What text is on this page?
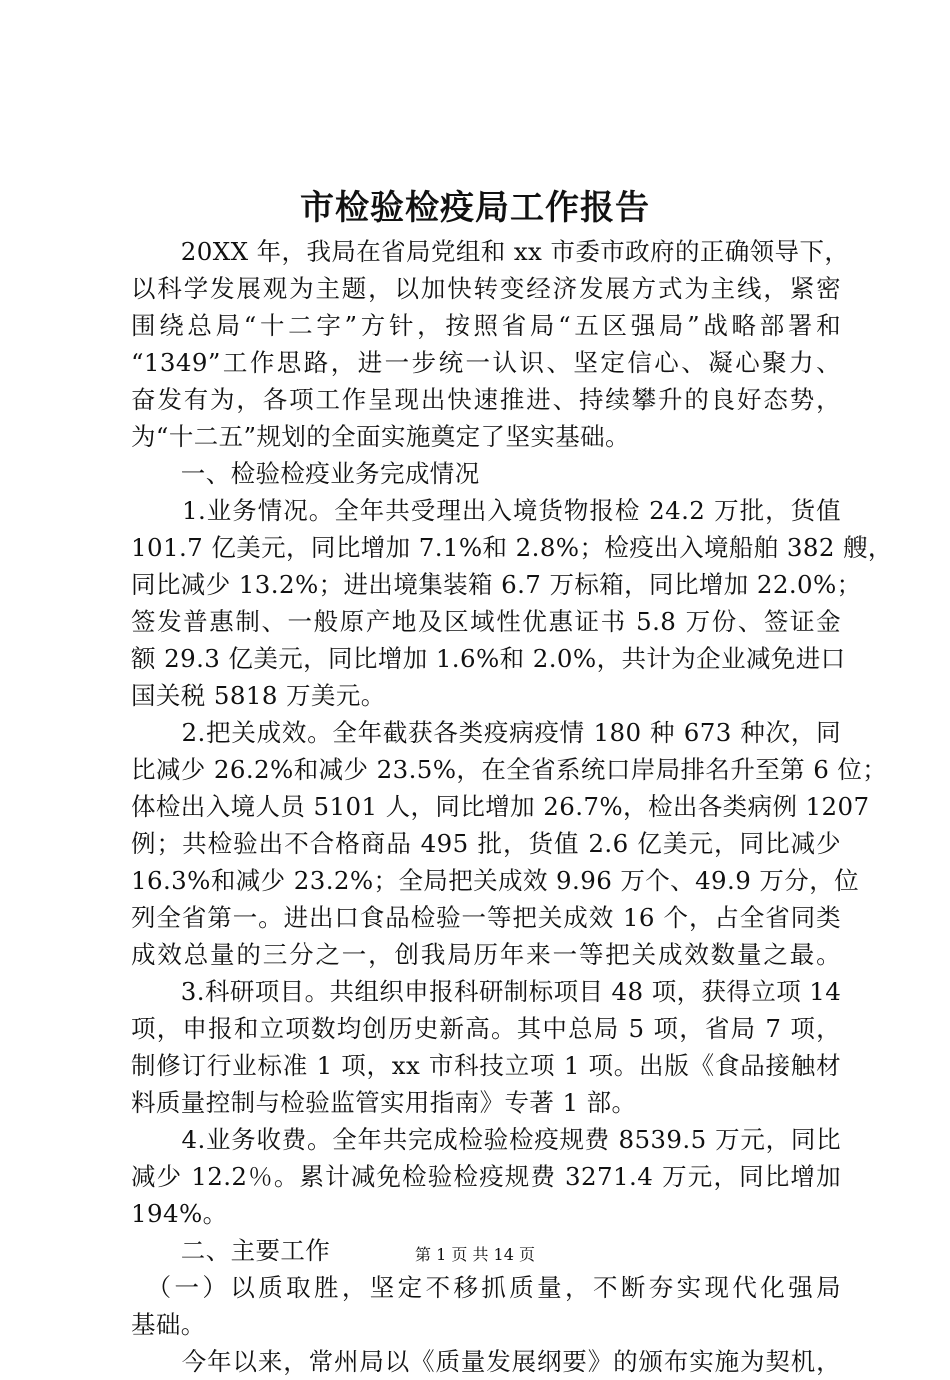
市检验检疫局工作报告
　　20XX 年，我局在省局党组和 xx 市委市政府的正确领导下，
以科学发展观为主题，以加快转变经济发展方式为主线，紧密
围绕总局“十二字”方针，按照省局“五区强局”战略部署和
“1349”工作思路，进一步统一认识、坚定信心、凝心聚力、
奋发有为，各项工作呈现出快速推进、持续攀升的良好态势，
为“十二五”规划的全面实施奠定了坚实基础。
　　一、检验检疫业务完成情况
　　1.业务情况。全年共受理出入境货物报检 24.2 万批，货值
101.7 亿美元，同比增加 7.1%和 2.8%；检疫出入境船舶 382 艘，
同比减少 13.2%；进出境集装箱 6.7 万标箱，同比增加 22.0%；
签发普惠制、一般原产地及区域性优惠证书 5.8 万份、签证金
额 29.3 亿美元，同比增加 1.6%和 2.0%，共计为企业减免进口
国关税 5818 万美元。
　　2.把关成效。全年截获各类疫病疫情 180 种 673 种次，同
比减少 26.2%和减少 23.5%，在全省系统口岸局排名升至第 6 位；
体检出入境人员 5101 人，同比增加 26.7%，检出各类病例 1207
例；共检验出不合格商品 495 批，货值 2.6 亿美元，同比减少
16.3%和减少 23.2%；全局把关成效 9.96 万个、49.9 万分，位
列全省第一。进出口食品检验一等把关成效 16 个，占全省同类
成效总量的三分之一，创我局历年来一等把关成效数量之最。
　　3.科研项目。共组织申报科研制标项目 48 项，获得立项 14
项，申报和立项数均创历史新高。其中总局 5 项，省局 7 项，
制修订行业标准 1 项，xx 市科技立项 1 项。出版《食品接触材
料质量控制与检验监管实用指南》专著 1 部。
　　4.业务收费。全年共完成检验检疫规费 8539.5 万元，同比
减少 12.2％。累计减免检验检疫规费 3271.4 万元，同比增加
194%。
　　二、主要工作
　（一）以质取胜，坚定不移抓质量，不断夯实现代化强局
基础。
　　今年以来，常州局以《质量发展纲要》的颁布实施为契机，
第 1 页 共 14 页
